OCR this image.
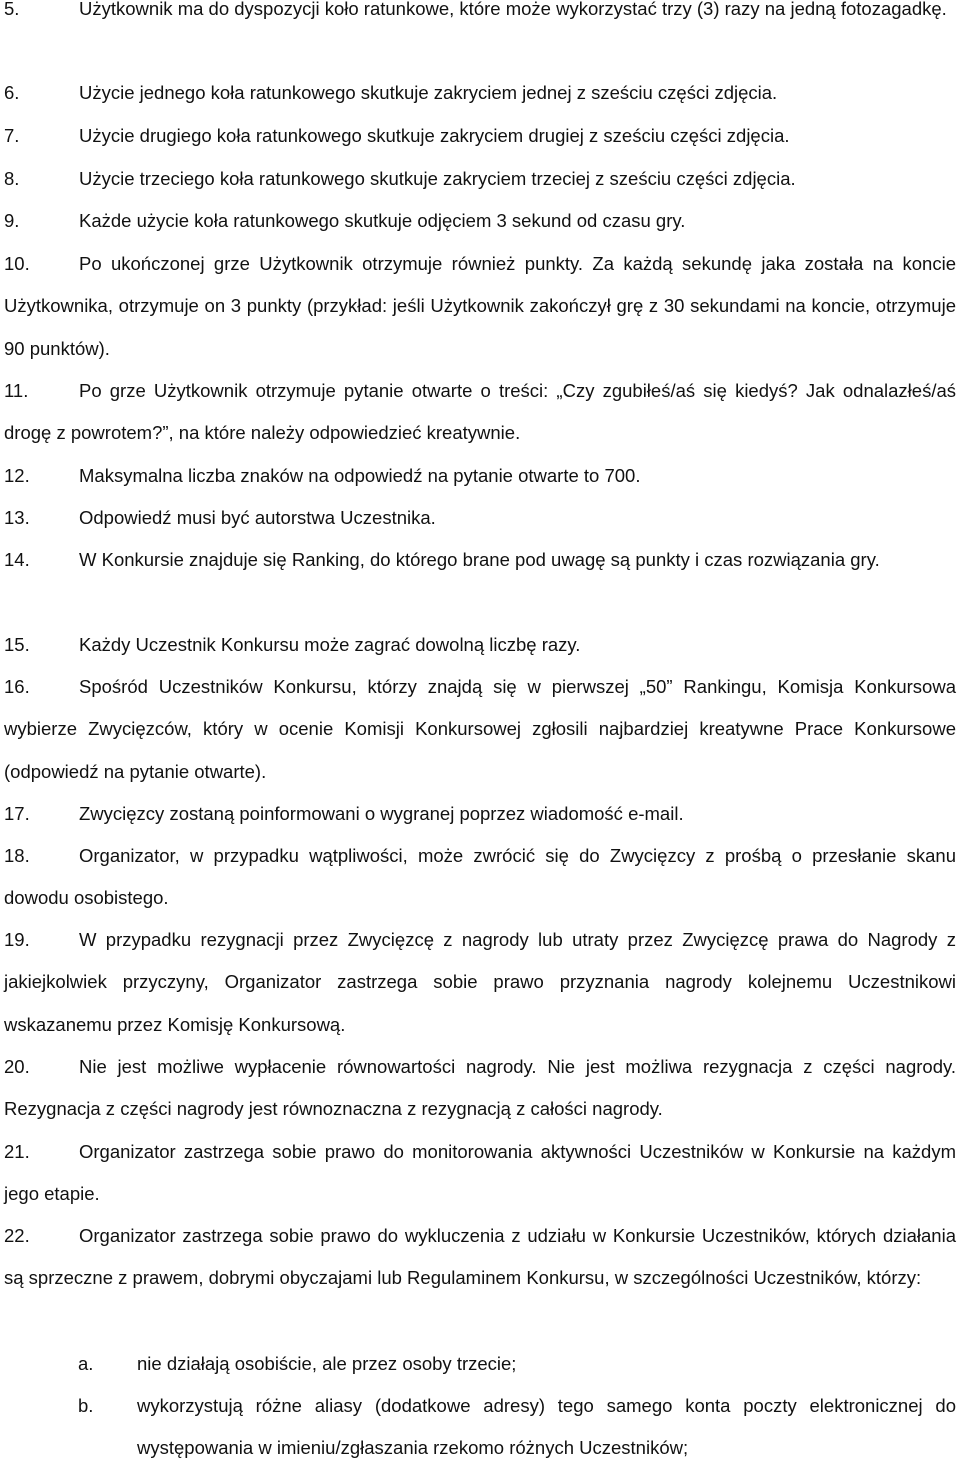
5.	Użytkownik ma do dyspozycji koło ratunkowe, które może wykorzystać trzy (3) razy na jedną fotozagadkę.

6.	Użycie jednego koła ratunkowego skutkuje zakryciem jednej z sześciu części zdjęcia.

7.	Użycie drugiego koła ratunkowego skutkuje zakryciem drugiej z sześciu części zdjęcia.

8.	Użycie trzeciego koła ratunkowego skutkuje zakryciem trzeciej z sześciu części zdjęcia.

9.	Każde użycie koła ratunkowego skutkuje odjęciem 3 sekund od czasu gry.

10.	Po ukończonej grze Użytkownik otrzymuje również punkty. Za każdą sekundę jaka została na koncie Użytkownika, otrzymuje on 3 punkty (przykład: jeśli Użytkownik zakończył grę z 30 sekundami na koncie, otrzymuje 90 punktów).

11.	Po grze Użytkownik otrzymuje pytanie otwarte o treści: „Czy zgubiłeś/aś się kiedyś? Jak odnalazłeś/aś drogę z powrotem?”, na które należy odpowiedzieć kreatywnie.

12.	Maksymalna liczba znaków na odpowiedź na pytanie otwarte to 700.

13.	Odpowiedź musi być autorstwa Uczestnika.

14.	W Konkursie znajduje się Ranking, do którego brane pod uwagę są punkty i czas rozwiązania gry.

15.	Każdy Uczestnik Konkursu może zagrać dowolną liczbę razy.

16.	Spośród Uczestników Konkursu, którzy znajdą się w pierwszej „50” Rankingu, Komisja Konkursowa wybierze Zwycięzców, który w ocenie Komisji Konkursowej zgłosili najbardziej kreatywne Prace Konkursowe (odpowiedź na pytanie otwarte).

17.	Zwycięzcy zostaną poinformowani o wygranej poprzez wiadomość e-mail.

18.	Organizator, w przypadku wątpliwości, może zwrócić się do Zwycięzcy z prośbą o przesłanie skanu dowodu osobistego.

19.	W przypadku rezygnacji przez Zwycięzcę z nagrody lub utraty przez Zwycięzcę prawa do Nagrody z jakiejkolwiek przyczyny, Organizator zastrzega sobie prawo przyznania nagrody kolejnemu Uczestnikowi wskazanemu przez Komisję Konkursową.

20.	Nie jest możliwe wypłacenie równowartości nagrody. Nie jest możliwa rezygnacja z części nagrody. Rezygnacja z części nagrody jest równoznaczna z rezygnacją z całości nagrody.

21.	Organizator zastrzega sobie prawo do monitorowania aktywności Uczestników w Konkursie na każdym jego etapie.

22.	Organizator zastrzega sobie prawo do wykluczenia z udziału w Konkursie Uczestników, których działania są sprzeczne z prawem, dobrymi obyczajami lub Regulaminem Konkursu, w szczególności Uczestników, którzy:

a.	nie działają osobiście, ale przez osoby trzecie;

b.	wykorzystują różne aliasy (dodatkowe adresy) tego samego konta poczty elektronicznej do występowania w imieniu/zgłaszania rzekomo różnych Uczestników;
